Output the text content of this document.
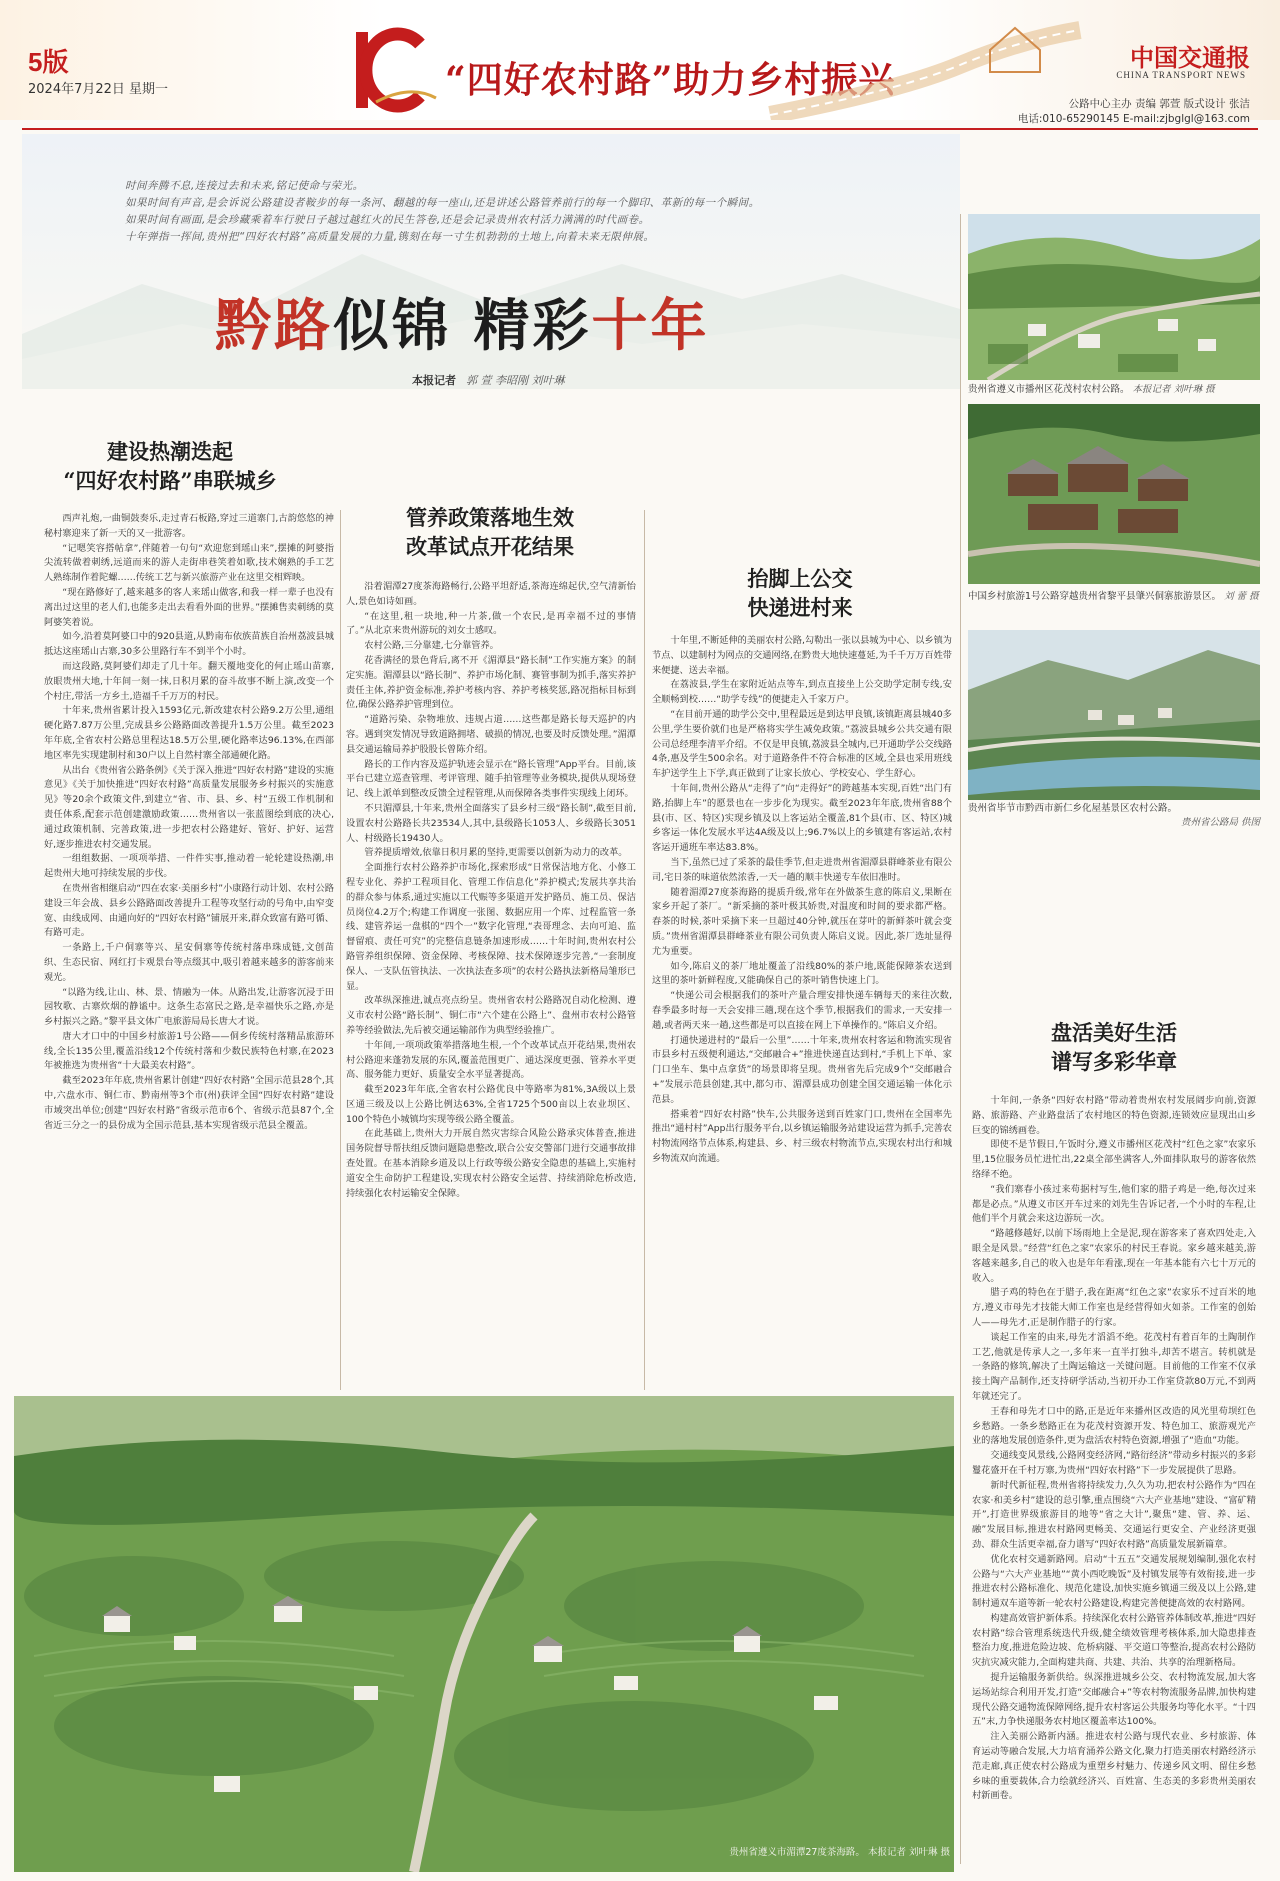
5版
2024年7月22日 星期一	“四好农村路”助力乡村振兴
中国交通报
CHINA TRANSPORT NEWS
公路中心主办 责编 郭萱 版式设计 张洁
电话:010-65290145 E-mail:zjbglgl@163.com

时间奔腾不息,连接过去和未来,铭记使命与荣光。

如果时间有声音,是会诉说公路建设者鞍步的每一条河、翻越的每一座山,还是讲述公路管养前行的每一个脚印、革新的每一个瞬间。

如果时间有画面,是会珍藏乘着车行驶日子越过越红火的民生答卷,还是会记录贵州农村活力满满的时代画卷。

十年弹指一挥间,贵州把“四好农村路”高质量发展的力量,镌刻在每一寸生机勃勃的土地上,向着未来无限伸展。

黔路似锦 精彩十年
本报记者 郭 萱 李昭刚 刘叶琳
贵州省遵义市播州区花茂村农村公路。 本报记者 刘叶琳 摄
中国乡村旅游1号公路穿越贵州省黎平县肇兴侗寨旅游景区。 刘 蕾 摄
贵州省毕节市黔西市新仁乡化屋基景区农村公路。
贵州省公路局 供图
建设热潮迭起
“四好农村路”串联城乡

西声礼炮,一曲铜鼓奏乐,走过青石板路,穿过三道寨门,古韵悠悠的神秘村寨迎来了新一天的又一批游客。

“记嗯笑容搭帖拿”,伴随着一句句“欢迎您到瑶山来”,摆摊的阿婆指尖流转做着刺绣,远道而来的游人走街串巷笑着如歌,技术娴熟的手工艺人熟练制作着陀螺……传统工艺与新兴旅游产业在这里交相辉映。

“现在路修好了,越来越多的客人来瑶山做客,和我一样一辈子也没有离出过这里的老人们,也能多走出去看看外面的世界。”摆摊售卖刺绣的莫阿婆笑着说。

如今,沿着莫阿婆口中的920县道,从黔南布依族苗族自治州荔波县城抵达这座瑶山古寨,30多公里路行车不到半个小时。

而这段路,莫阿婆们却走了几十年。翻天覆地变化的何止瑶山苗寨,放眼贵州大地,十年间一刻一抹,日积月累的奋斗故事不断上演,改变一个个村庄,带活一方乡土,造福千千万万的村民。

十年来,贵州省累计投入1593亿元,新改建农村公路9.2万公里,通组硬化路7.87万公里,完成县乡公路路面改善提升1.5万公里。截至2023年年底,全省农村公路总里程达18.5万公里,硬化路率达96.13%,在西部地区率先实现建制村和30户以上自然村寨全部通硬化路。

从出台《贵州省公路条例》《关于深入推进“四好农村路”建设的实施意见》《关于加快推进“四好农村路”高质量发展服务乡村振兴的实施意见》等20余个政策文件,到建立“省、市、县、乡、村”五级工作机制和责任体系,配套示范创建激励政策……贵州省以一张蓝图绘到底的决心,通过政策机制、完善政策,进一步把农村公路建好、管好、护好、运营好,逐步推进农村交通发展。

一组组数据、一项项举措、一件件实事,推动着一轮轮建设热潮,串起贵州大地可持续发展的步伐。

在贵州省相继启动“四在农家·美丽乡村”小康路行动计划、农村公路建设三年会战、县乡公路路面改善提升工程等攻坚行动的号角中,由窄变宽、由线成网、由通向好的“四好农村路”铺展开来,群众致富有路可循、有路可走。

一条路上,千户侗寨等兴、星安侗寨等传统村落串珠成链,文创苗织、生态民宿、网红打卡观景台等点缀其中,吸引着越来越多的游客前来观光。

“以路为线,让山、林、景、情融为一体。从路出发,让游客沉浸于田园牧歌、古寨炊烟的静谧中。这条生态富民之路,是幸福快乐之路,亦是乡村振兴之路。”黎平县文体广电旅游局局长唐大才说。

唐大才口中的中国乡村旅游1号公路——侗乡传统村落精品旅游环线,全长135公里,覆盖沿线12个传统村落和少数民族特色村寨,在2023年被推选为贵州省“十大最美农村路”。

截至2023年年底,贵州省累计创建“四好农村路”全国示范县28个,其中,六盘水市、铜仁市、黔南州等3个市(州)获评全国“四好农村路”建设市域突出单位;创建“四好农村路”省级示范市6个、省级示范县87个,全省近三分之一的县份成为全国示范县,基本实现省级示范县全覆盖。

管养政策落地生效
改革试点开花结果

沿着湄潭27度茶海路畅行,公路平坦舒适,茶海连绵起伏,空气清新怡人,景色如诗如画。

“在这里,租一块地,种一片茶,做一个农民,是再幸福不过的事情了。”从北京来贵州游玩的刘女士感叹。

农村公路,三分靠建,七分靠管养。

花香满径的景色背后,离不开《湄潭县“路长制”工作实施方案》的制定实施。湄潭县以“路长制”、养护市场化制、赛管事制为抓手,落实养护责任主体,养护资金标准,养护考核内容、养护考核奖惩,路况指标目标到位,确保公路养护管理到位。

“道路污染、杂物堆放、违规占道……这些都是路长每天巡护的内容。遇到突发情况导致道路拥堵、破损的情况,也要及时反馈处理。”湄潭县交通运输局养护股股长曾陈介绍。

路长的工作内容及巡护轨迹会显示在“路长管理”App平台。目前,该平台已建立巡查管理、考评管理、随手拍管理等业务模块,提供从现场登记、线上派单到整改反馈全过程管理,从而保障各类事件实现线上闭环。

不只湄潭县,十年来,贵州全面落实了县乡村三级“路长制”,截至目前,设置农村公路路长共23534人,其中,县级路长1053人、乡级路长3051人、村级路长19430人。

管养提质增效,依靠日积月累的坚持,更需要以创新为动力的改革。

全面推行农村公路养护市场化,探索形成“日常保洁地方化、小修工程专业化、养护工程项目化、管理工作信息化”养护模式;发展共享共治的群众参与体系,通过实施以工代赈等多渠道开发护路员、施工员、保洁员岗位4.2万个;构建工作调度一张图、数据应用一个库、过程监管一条线、建管养运一盘棋的“四个一”数字化管理,“表哥理念、去向可追、监督留痕、责任可究”的完整信息链条加速形成……十年时间,贵州农村公路管养组织保障、资金保障、考核保障、技术保障逐步完善,“一套制度保人、一支队伍管执法、一次执法查多项”的农村公路执法新格局雏形已显。

改革纵深推进,诚点亮点纷呈。贵州省农村公路路况自动化检测、遵义市农村公路“路长制”、铜仁市“六个建在公路上”、盘州市农村公路管养等经验做法,先后被交通运输部作为典型经验推广。

十年间,一项项政策举措落地生根,一个个改革试点开花结果,贵州农村公路迎来蓬勃发展的东风,覆盖范围更广、通达深度更强、管养水平更高、服务能力更好、质量安全水平显著提高。

截至2023年年底,全省农村公路优良中等路率为81%,3A级以上景区通三级及以上公路比例达63%,全省1725个500亩以上农业坝区、100个特色小城镇均实现等级公路全覆盖。

在此基础上,贵州大力开展自然灾害综合风险公路承灾体普查,推进国务院督导帮扶组反馈问题隐患整改,联合公安交警部门进行交通事故排查处置。在基本消除乡道及以上行政等级公路安全隐患的基础上,实施村道安全生命防护工程建设,实现农村公路安全运营、持续消除危桥改造,持续强化农村运输安全保障。

抬脚上公交
快递进村来

十年里,不断延伸的美丽农村公路,勾勒出一张以县城为中心、以乡镇为节点、以建制村为网点的交通网络,在黔贵大地快速蔓延,为千千万万百姓带来便捷、送去幸福。

在荔波县,学生在家附近站点等车,到点直接坐上公交助学定制专线,安全顺畅到校……“助学专线”的便捷走入千家万户。

“在目前开通的助学公交中,里程最远是到达甲良镇,该镇距离县城40多公里,学生要价就们也是严格将实学生减免政策。”荔波县城乡公共交通有限公司总经理李清平介绍。不仅是甲良镇,荔波县全城内,已开通助学公交线路4条,惠及学生500余名。对于道路条件不符合标准的区域,全县也采用班线车护送学生上下学,真正做到了让家长放心、学校安心、学生舒心。

十年间,贵州公路从“走得了”向“走得好”的跨越基本实现,百姓“出门有路,抬脚上车”的愿景也在一步步化为现实。截至2023年年底,贵州省88个县(市、区、特区)实现乡镇及以上客运站全覆盖,81个县(市、区、特区)城乡客运一体化发展水平达4A级及以上;96.7%以上的乡镇建有客运站,农村客运开通班车率达83.8%。

当下,虽然已过了采茶的最佳季节,但走进贵州省湄潭县群峰茶业有限公司,宅日茶的味道依然浓香,一天一趟的顺丰快递专车依旧准时。

随着湄潭27度茶海路的提质升级,常年在外做茶生意的陈启义,果断在家乡开起了茶厂。“新采摘的茶叶极其娇贵,对温度和时间的要求都严格。春茶的时候,茶叶采摘下来一旦超过40分钟,就压在芽叶的新鲜茶叶就会变质。”贵州省湄潭县群峰茶业有限公司负责人陈启义说。因此,茶厂选址显得尤为重要。

如今,陈启义的茶厂地址覆盖了沿线80%的茶户地,既能保障茶农送到这里的茶叶新鲜程度,又能确保自己的茶叶销售快速上门。

“快递公司会根据我们的茶叶产量合理安排快递车辆每天的来往次数,春季最多时每一天会安排三趟,现在这个季节,根据我们的需求,一天安排一趟,或者两天来一趟,这些都是可以直接在网上下单操作的。”陈启义介绍。

打通快递进村的“最后一公里”……十年来,贵州农村客运和物流实现省市县乡村五级便利通达,“交邮融合+”推进快递直达到村,“手机上下单、家门口坐车、集中点拿货”的场景即将呈现。贵州省先后完成9个“交邮融合+”发展示范县创建,其中,都匀市、湄潭县成功创建全国交通运输一体化示范县。

搭乘着“四好农村路”快车,公共服务送到百姓家门口,贵州在全国率先推出“通村村”App出行服务平台,以乡镇运输服务站建设运营为抓手,完善农村物流网络节点体系,构建县、乡、村三级农村物流节点,实现农村出行和城乡物流双向流通。

盘活美好生活
谱写多彩华章

十年间,一条条“四好农村路”带动着贵州农村发展阔步向前,资源路、旅游路、产业路盘活了农村地区的特色资源,连锁效应显现出山乡巨变的锦绣画卷。

即使不是节假日,午饭时分,遵义市播州区花茂村“红色之家”农家乐里,15位服务员忙进忙出,22桌全部坐满客人,外面排队取号的游客依然络绎不绝。

“我们寨春小孩过来苟据村写生,他们家的腊子鸡是一绝,每次过来都是必点。”从遵义市区开车过来的刘先生告诉记者,一个小时的车程,让他们半个月就会来这边游玩一次。

“路越修越好,以前下场雨地上全是泥,现在游客来了喜欢四处走,入眼全是风景。”经营“红色之家”农家乐的村民王春说。家乡越来越美,游客越来越多,自己的收入也是年年看涨,现在一年基本能有六七十万元的收入。

腊子鸡的特色在于腊子,我在距离“红色之家”农家乐不过百米的地方,遵义市母先才技能大师工作室也是经营得如火如荼。工作室的创始人——母先才,正是制作腊子的行家。

谈起工作室的由来,母先才滔滔不绝。花茂村有着百年的土陶制作工艺,他就是传承人之一,多年来一直半打独斗,却苦不堪言。转机就是一条路的修筑,解决了土陶运输这一关键问题。目前他的工作室不仅承接土陶产品制作,还支持研学活动,当初开办工作室贷款80万元,不到两年就还完了。

王春和母先才口中的路,正是近年来播州区改造的风光里苟坝红色乡愁路。一条乡愁路正在为花茂村资源开发、特色加工、旅游观光产业的落地发展创造条件,更为盘活农村特色资源,增强了“造血”功能。

交通线变风景线,公路网变经济网,“路衍经济”带动乡村振兴的多彩鬘花盛开在千村万寨,为贵州“四好农村路”下一步发展提供了思路。

新时代新征程,贵州省将持续发力,久久为功,把农村公路作为“四在农家·和美乡村”建设的总引擎,重点围绕“六大产业基地”建设、“富矿精开”,打造世界级旅游目的地等“省之大计”,聚焦“建、管、养、运、融”发展目标,推进农村路网更畅美、交通运行更安全、产业经济更强劲、群众生活更幸福,奋力谱写“四好农村路”高质量发展新篇章。

优化农村交通新路网。启动“十五五”交通发展规划编制,强化农村公路与“六大产业基地”“黄小西吃晚饭”及村镇发展等有效衔接,进一步推进农村公路标准化、规范化建设,加快实施乡镇通三级及以上公路,建制村通双车道等新一轮农村公路建设,构建完善便捷高效的农村路网。

构建高效管护新体系。持续深化农村公路管养体制改革,推进“四好农村路”综合管理系统迭代升级,健全绩效管理考核体系,加大隐患排查整治力度,推进危险边坡、危桥病隧、平交道口等整治,提高农村公路防灾抗灾减灾能力,全面构建共商、共建、共治、共享的治理新格局。

提升运输服务新供给。纵深推进城乡公交、农村物流发展,加大客运场站综合利用开发,打造“交邮融合+”等农村物流服务品牌,加快构建现代公路交通物流保障网络,提升农村客运公共服务均等化水平。“十四五”末,力争快递服务农村地区覆盖率达100%。

注入美丽公路新内涵。推进农村公路与现代农业、乡村旅游、体育运动等融合发展,大力培育涌养公路文化,聚力打造美丽农村路经济示范走廊,真正使农村公路成为重塑乡村魅力、传递乡风文明、留住乡愁乡味的重要载体,合力绘就经济兴、百姓富、生态美的多彩贵州美丽农村新画卷。

贵州省遵义市湄潭27度茶海路。 本报记者 刘叶琳 摄
